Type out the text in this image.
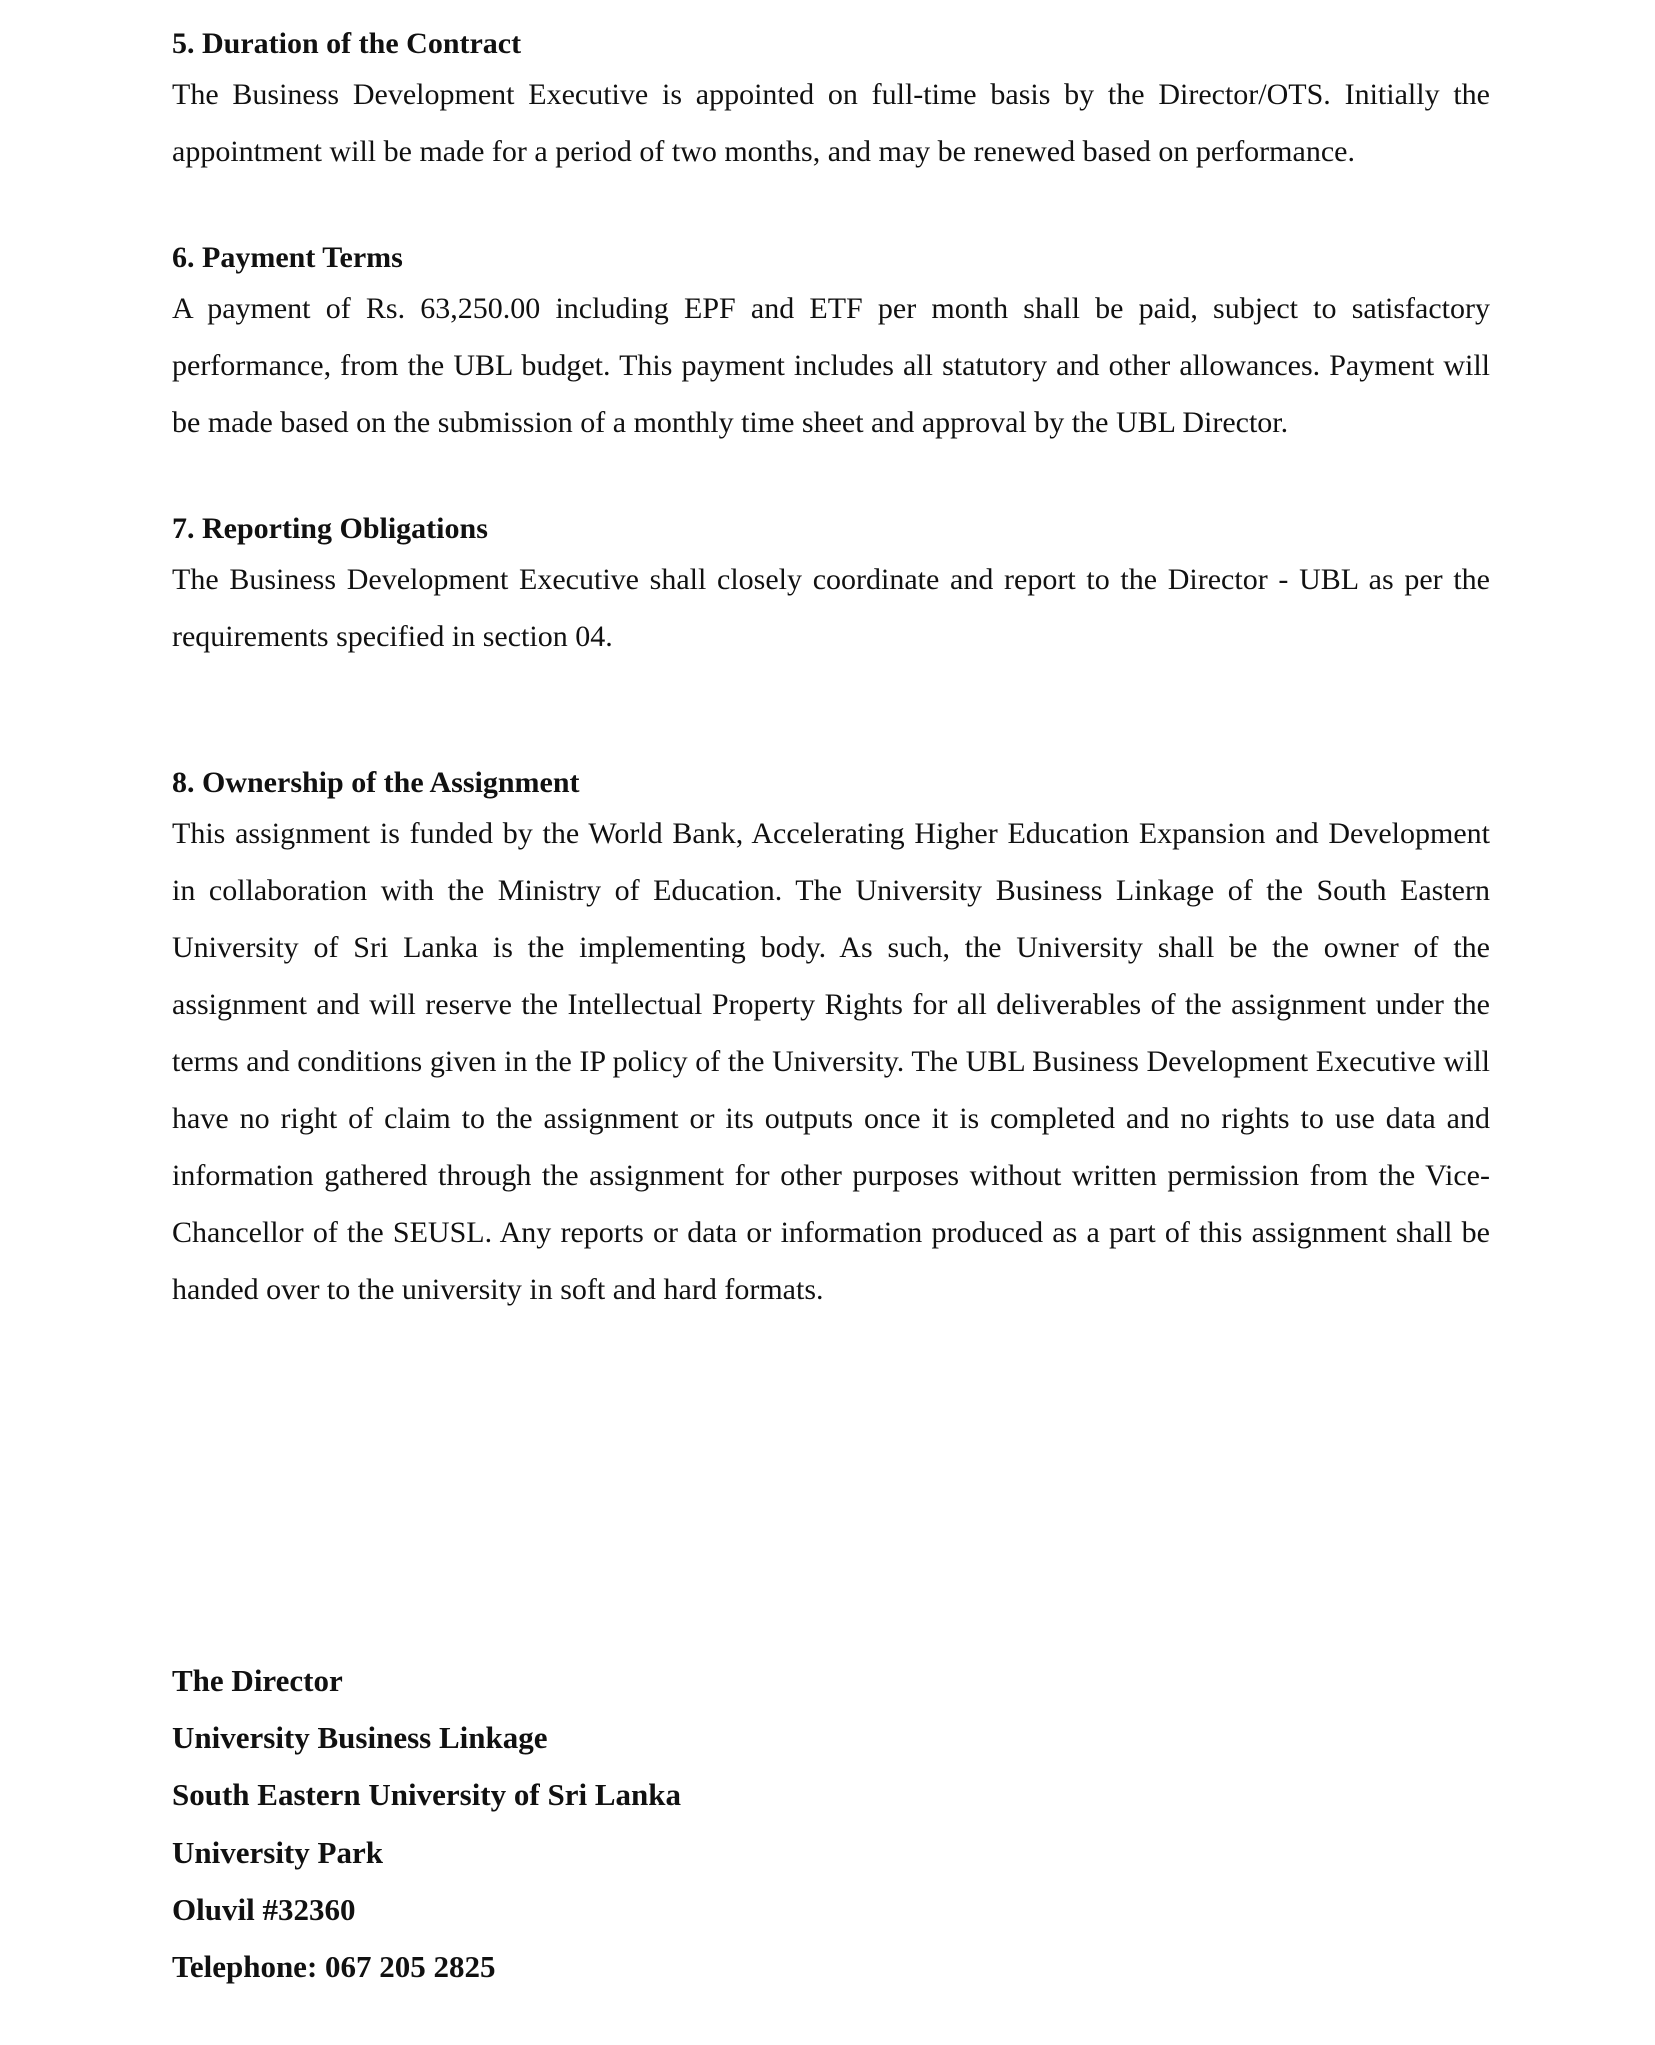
5. Duration of the Contract

The Business Development Executive is appointed on full-time basis by the Director/OTS. Initially the appointment will be made for a period of two months, and may be renewed based on performance.

6. Payment Terms

A payment of Rs. 63,250.00 including EPF and ETF per month shall be paid, subject to satisfactory performance, from the UBL budget. This payment includes all statutory and other allowances. Payment will be made based on the submission of a monthly time sheet and approval by the UBL Director.

7. Reporting Obligations

The Business Development Executive shall closely coordinate and report to the Director - UBL as per the requirements specified in section 04.

8. Ownership of the Assignment

This assignment is funded by the World Bank, Accelerating Higher Education Expansion and Development in collaboration with the Ministry of Education. The University Business Linkage of the South Eastern University of Sri Lanka is the implementing body. As such, the University shall be the owner of the assignment and will reserve the Intellectual Property Rights for all deliverables of the assignment under the terms and conditions given in the IP policy of the University. The UBL Business Development Executive will have no right of claim to the assignment or its outputs once it is completed and no rights to use data and information gathered through the assignment for other purposes without written permission from the Vice-Chancellor of the SEUSL. Any reports or data or information produced as a part of this assignment shall be handed over to the university in soft and hard formats.

The Director
University Business Linkage
South Eastern University of Sri Lanka
University Park
Oluvil #32360
Telephone: 067 205 2825
